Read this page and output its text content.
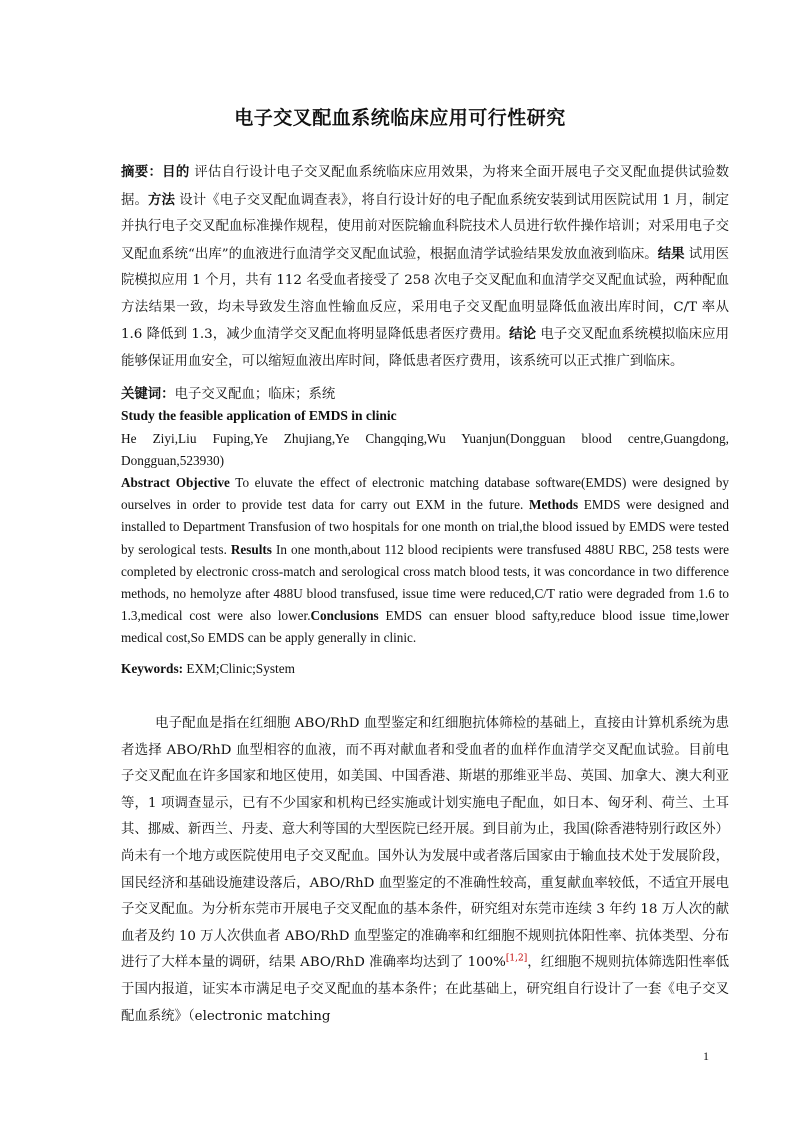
电子交叉配血系统临床应用可行性研究
摘要：目的 评估自行设计电子交叉配血系统临床应用效果，为将来全面开展电子交叉配血提供试验数据。方法 设计《电子交叉配血调查表》，将自行设计好的电子配血系统安装到试用医院试用 1 月，制定并执行电子交叉配血标准操作规程，使用前对医院输血科院技术人员进行软件操作培训；对采用电子交叉配血系统“出库”的血液进行血清学交叉配血试验，根据血清学试验结果发放血液到临床。结果 试用医院模拟应用 1 个月，共有 112 名受血者接受了 258 次电子交叉配血和血清学交叉配血试验，两种配血方法结果一致，均未导致发生溶血性输血反应，采用电子交叉配血明显降低血液出库时间，C/T 率从 1.6 降低到 1.3，减少血清学交叉配血将明显降低患者医疗费用。结论 电子交叉配血系统模拟临床应用能够保证用血安全，可以缩短血液出库时间，降低患者医疗费用，该系统可以正式推广到临床。
关键词：电子交叉配血；临床；系统
Study the feasible application of EMDS in clinic
He Ziyi,Liu Fuping,Ye Zhujiang,Ye Changqing,Wu Yuanjun(Dongguan blood centre,Guangdong, Dongguan,523930)
Abstract Objective To eluvate the effect of electronic matching database software(EMDS) were designed by ourselves in order to provide test data for carry out EXM in the future. Methods EMDS were designed and installed to Department Transfusion of two hospitals for one month on trial,the blood issued by EMDS were tested by serological tests. Results In one month,about 112 blood recipients were transfused 488U RBC, 258 tests were completed by electronic cross-match and serological cross match blood tests, it was concordance in two difference methods, no hemolyze after 488U blood transfused, issue time were reduced,C/T ratio were degraded from 1.6 to 1.3,medical cost were also lower.Conclusions EMDS can ensuer blood safty,reduce blood issue time,lower medical cost,So EMDS can be apply generally in clinic.
Keywords: EXM;Clinic;System
电子配血是指在红细胞 ABO/RhD 血型鉴定和红细胞抗体筛检的基础上，直接由计算机系统为患者选择 ABO/RhD 血型相容的血液，而不再对献血者和受血者的血样作血清学交叉配血试验。目前电子交叉配血在许多国家和地区使用，如美国、中国香港、斯堪的那维亚半岛、英国、加拿大、澳大利亚等，1 项调查显示，已有不少国家和机构已经实施或计划实施电子配血，如日本、匈牙利、荷兰、土耳其、挪威、新西兰、丹麦、意大利等国的大型医院已经开展。到目前为止，我国(除香港特别行政区外）尚未有一个地方或医院使用电子交叉配血。国外认为发展中或者落后国家由于输血技术处于发展阶段，国民经济和基础设施建设落后，ABO/RhD 血型鉴定的不准确性较高，重复献血率较低，不适宜开展电子交叉配血。为分析东莞市开展电子交叉配血的基本条件，研究组对东莞市连续 3 年约 18 万人次的献血者及约 10 万人次供血者 ABO/RhD 血型鉴定的准确率和红细胞不规则抗体阳性率、抗体类型、分布进行了大样本量的调研，结果 ABO/RhD 准确率均达到了 100%[1,2]，红细胞不规则抗体筛选阳性率低于国内报道，证实本市满足电子交叉配血的基本条件；在此基础上，研究组自行设计了一套《电子交叉配血系统》（electronic matching
1
